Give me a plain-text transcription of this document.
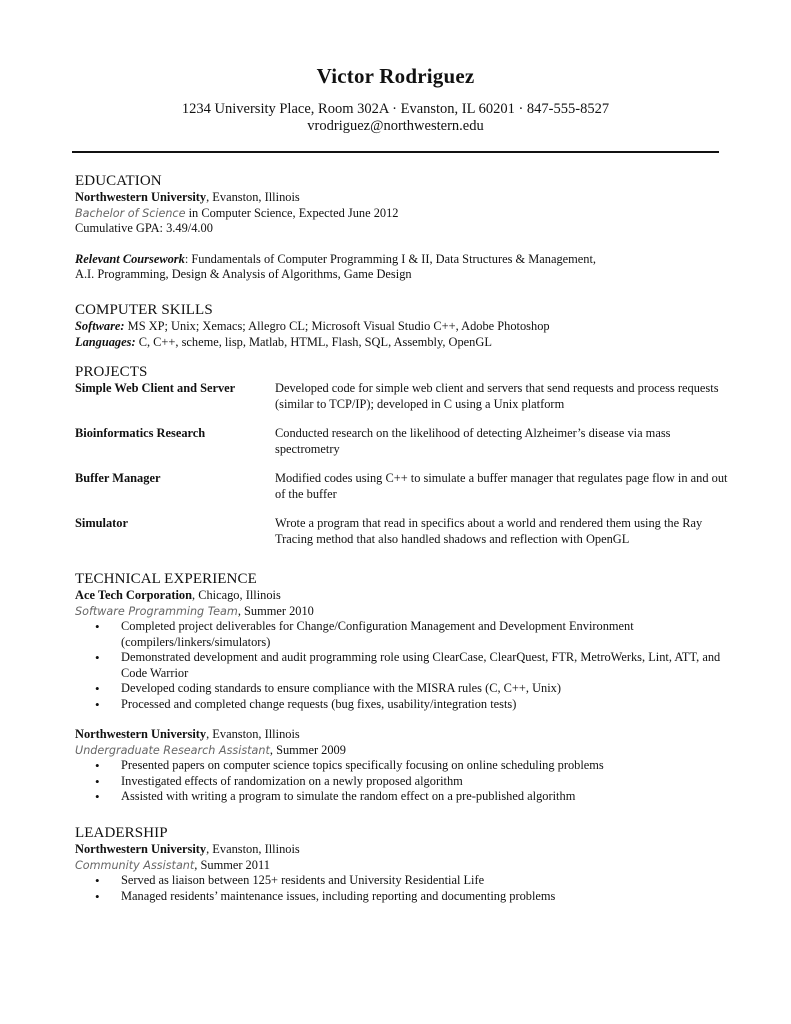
Victor Rodriguez
1234 University Place, Room 302A · Evanston, IL 60201 · 847-555-8527
vrodriguez@northwestern.edu
EDUCATION
Northwestern University, Evanston, Illinois
Bachelor of Science in Computer Science, Expected June 2012
Cumulative GPA: 3.49/4.00
Relevant Coursework: Fundamentals of Computer Programming I & II, Data Structures & Management,
A.I. Programming, Design & Analysis of Algorithms, Game Design
COMPUTER SKILLS
Software: MS XP; Unix; Xemacs; Allegro CL; Microsoft Visual Studio C++, Adobe Photoshop
Languages: C, C++, scheme, lisp, Matlab, HTML, Flash, SQL, Assembly, OpenGL
PROJECTS
Simple Web Client and Server	Developed code for simple web client and servers that send requests and process requests (similar to TCP/IP); developed in C using a Unix platform
Bioinformatics Research	Conducted research on the likelihood of detecting Alzheimer’s disease via mass spectrometry
Buffer Manager	Modified codes using C++ to simulate a buffer manager that regulates page flow in and out of the buffer
Simulator	Wrote a program that read in specifics about a world and rendered them using the Ray Tracing method that also handled shadows and reflection with OpenGL
TECHNICAL EXPERIENCE
Ace Tech Corporation, Chicago, Illinois
Software Programming Team, Summer 2010
• Completed project deliverables for Change/Configuration Management and Development Environment (compilers/linkers/simulators)
• Demonstrated development and audit programming role using ClearCase, ClearQuest, FTR, MetroWerks, Lint, ATT, and Code Warrior
• Developed coding standards to ensure compliance with the MISRA rules (C, C++, Unix)
• Processed and completed change requests (bug fixes, usability/integration tests)
Northwestern University, Evanston, Illinois
Undergraduate Research Assistant, Summer 2009
• Presented papers on computer science topics specifically focusing on online scheduling problems
• Investigated effects of randomization on a newly proposed algorithm
• Assisted with writing a program to simulate the random effect on a pre-published algorithm
LEADERSHIP
Northwestern University, Evanston, Illinois
Community Assistant, Summer 2011
• Served as liaison between 125+ residents and University Residential Life
• Managed residents’ maintenance issues, including reporting and documenting problems
